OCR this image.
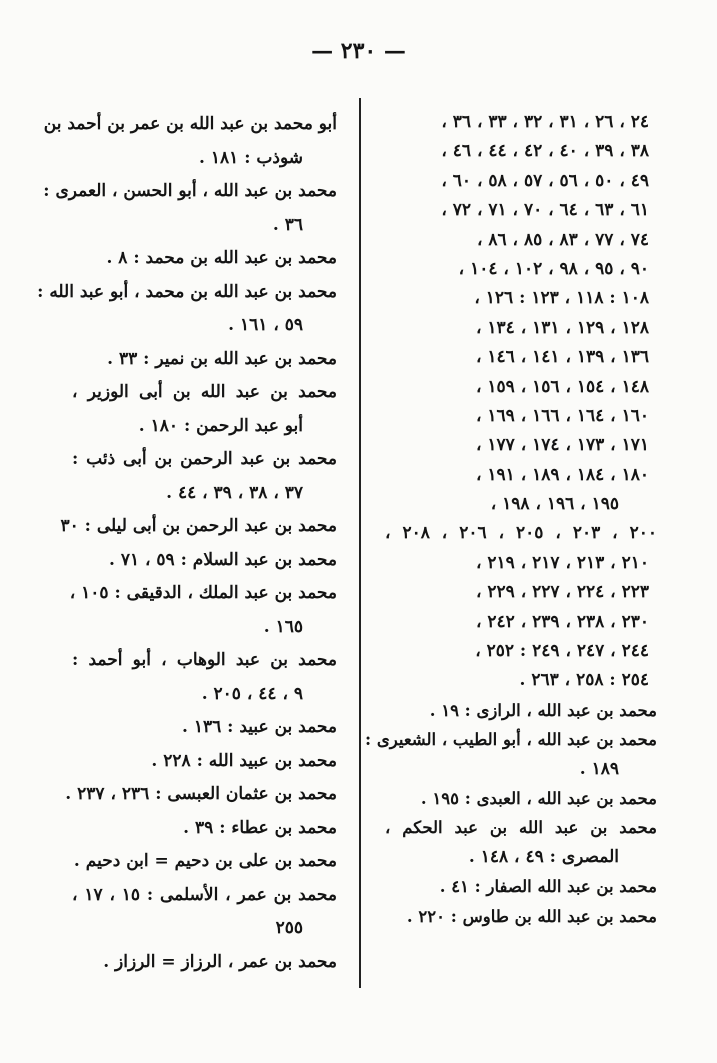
— ٢٣٠ —
٢٤ ، ٢٦ ، ٣١ ، ٣٢ ، ٣٣ ، ٣٦ ،
٣٨ ، ٣٩ ، ٤٠ ، ٤٢ ، ٤٤ ، ٤٦ ،
٤٩ ، ٥٠ ، ٥٦ ، ٥٧ ، ٥٨ ، ٦٠ ،
٦١ ، ٦٣ ، ٦٤ ، ٧٠ ، ٧١ ، ٧٢ ،
٧٤ ، ٧٧ ، ٨٣ ، ٨٥ ، ٨٦ ،
٩٠ ، ٩٥ ، ٩٨ ، ١٠٢ ، ١٠٤ ،
١٠٨ : ١١٨ ، ١٢٣ : ١٢٦ ،
١٢٨ ، ١٢٩ ، ١٣١ ، ١٣٤ ،
١٣٦ ، ١٣٩ ، ١٤١ ، ١٤٦ ،
١٤٨ ، ١٥٤ ، ١٥٦ ، ١٥٩ ،
١٦٠ ، ١٦٤ ، ١٦٦ ، ١٦٩ ،
١٧١ ، ١٧٣ ، ١٧٤ ، ١٧٧ ،
١٨٠ ، ١٨٤ ، ١٨٩ ، ١٩١ ،
١٩٥ ، ١٩٦ ، ١٩٨ ،
٢٠٠ ، ٢٠٣ ، ٢٠٥ ، ٢٠٦ ، ٢٠٨ ،
٢١٠ ، ٢١٣ ، ٢١٧ ، ٢١٩ ،
٢٢٣ ، ٢٢٤ ، ٢٢٧ ، ٢٢٩ ،
٢٣٠ ، ٢٣٨ ، ٢٣٩ ، ٢٤٢ ،
٢٤٤ ، ٢٤٧ ، ٢٤٩ : ٢٥٢ ،
٢٥٤ : ٢٥٨ ، ٢٦٣ .
محمد بن عبد الله ، الرازى : ١٩ .
محمد بن عبد الله ، أبو الطيب ، الشعيرى :
١٨٩ .
محمد بن عبد الله ، العبدى : ١٩٥ .
محمد بن عبد الله بن عبد الحكم ،
المصرى : ٤٩ ، ١٤٨ .
محمد بن عبد الله الصفار : ٤١ .
محمد بن عبد الله بن طاوس : ٢٢٠ .
أبو محمد بن عبد الله بن عمر بن أحمد بن
شوذب : ١٨١ .
محمد بن عبد الله ، أبو الحسن ، العمرى :
٣٦ .
محمد بن عبد الله بن محمد : ٨ .
محمد بن عبد الله بن محمد ، أبو عبد الله :
٥٩ ، ١٦١ .
محمد بن عبد الله بن نمير : ٣٣ .
محمد بن عبد الله بن أبى الوزير ،
أبو عبد الرحمن : ١٨٠ .
محمد بن عبد الرحمن بن أبى ذئب :
٣٧ ، ٣٨ ، ٣٩ ، ٤٤ .
محمد بن عبد الرحمن بن أبى ليلى : ٣٠
محمد بن عبد السلام : ٥٩ ، ٧١ .
محمد بن عبد الملك ، الدقيقى : ١٠٥ ،
١٦٥ .
محمد بن عبد الوهاب ، أبو أحمد :
٩ ، ٤٤ ، ٢٠٥ .
محمد بن عبيد : ١٣٦ .
محمد بن عبيد الله : ٢٢٨ .
محمد بن عثمان العبسى : ٢٣٦ ، ٢٣٧ .
محمد بن عطاء : ٣٩ .
محمد بن على بن دحيم = ابن دحيم .
محمد بن عمر ، الأسلمى : ١٥ ، ١٧ ،
٢٥٥
محمد بن عمر ، الرزاز = الرزاز .
